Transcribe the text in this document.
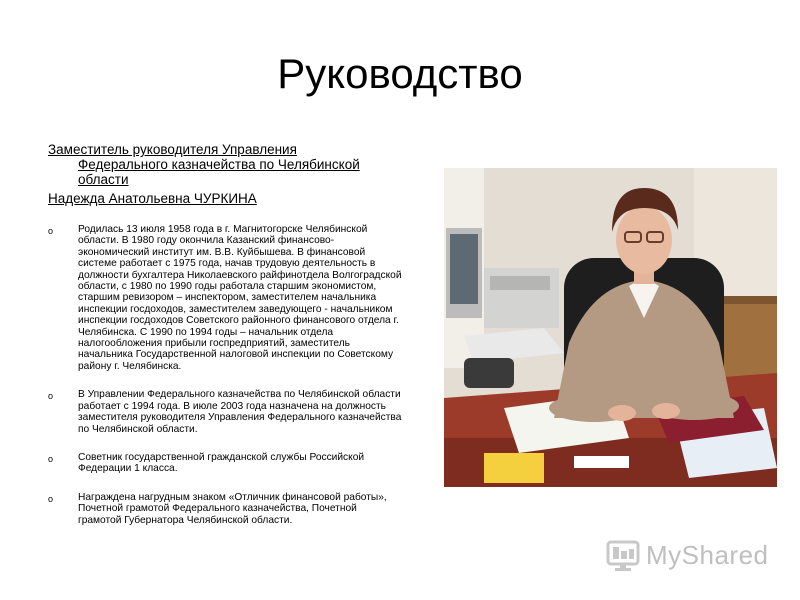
Руководство
Заместитель руководителя Управления Федерального казначейства по Челябинской области
Надежда Анатольевна ЧУРКИНА
o Родилась 13 июля 1958 года в г. Магнитогорске Челябинской области. В 1980 году окончила Казанский финансово-экономический институт им. В.В. Куйбышева. В финансовой системе работает с 1975 года, начав трудовую деятельность в должности бухгалтера Николаевского райфинотдела Волгоградской области, с 1980 по 1990 годы работала старшим экономистом, старшим ревизором – инспектором, заместителем начальника инспекции госдоходов, заместителем заведующего - начальником инспекции госдоходов Советского районного финансового отдела г. Челябинска. С 1990 по 1994 годы – начальник отдела налогообложения прибыли госпредприятий, заместитель начальника Государственной налоговой инспекции по Советскому району г. Челябинска.
o В Управлении Федерального казначейства по Челябинской области работает с 1994 года. В июле 2003 года назначена на должность заместителя руководителя Управления Федерального казначейства по Челябинской области.
o Советник государственной гражданской службы Российской Федерации 1 класса.
o Награждена нагрудным знаком «Отличник финансовой работы», Почетной грамотой Федерального казначейства, Почетной грамотой Губернатора Челябинской области.
MyShared
